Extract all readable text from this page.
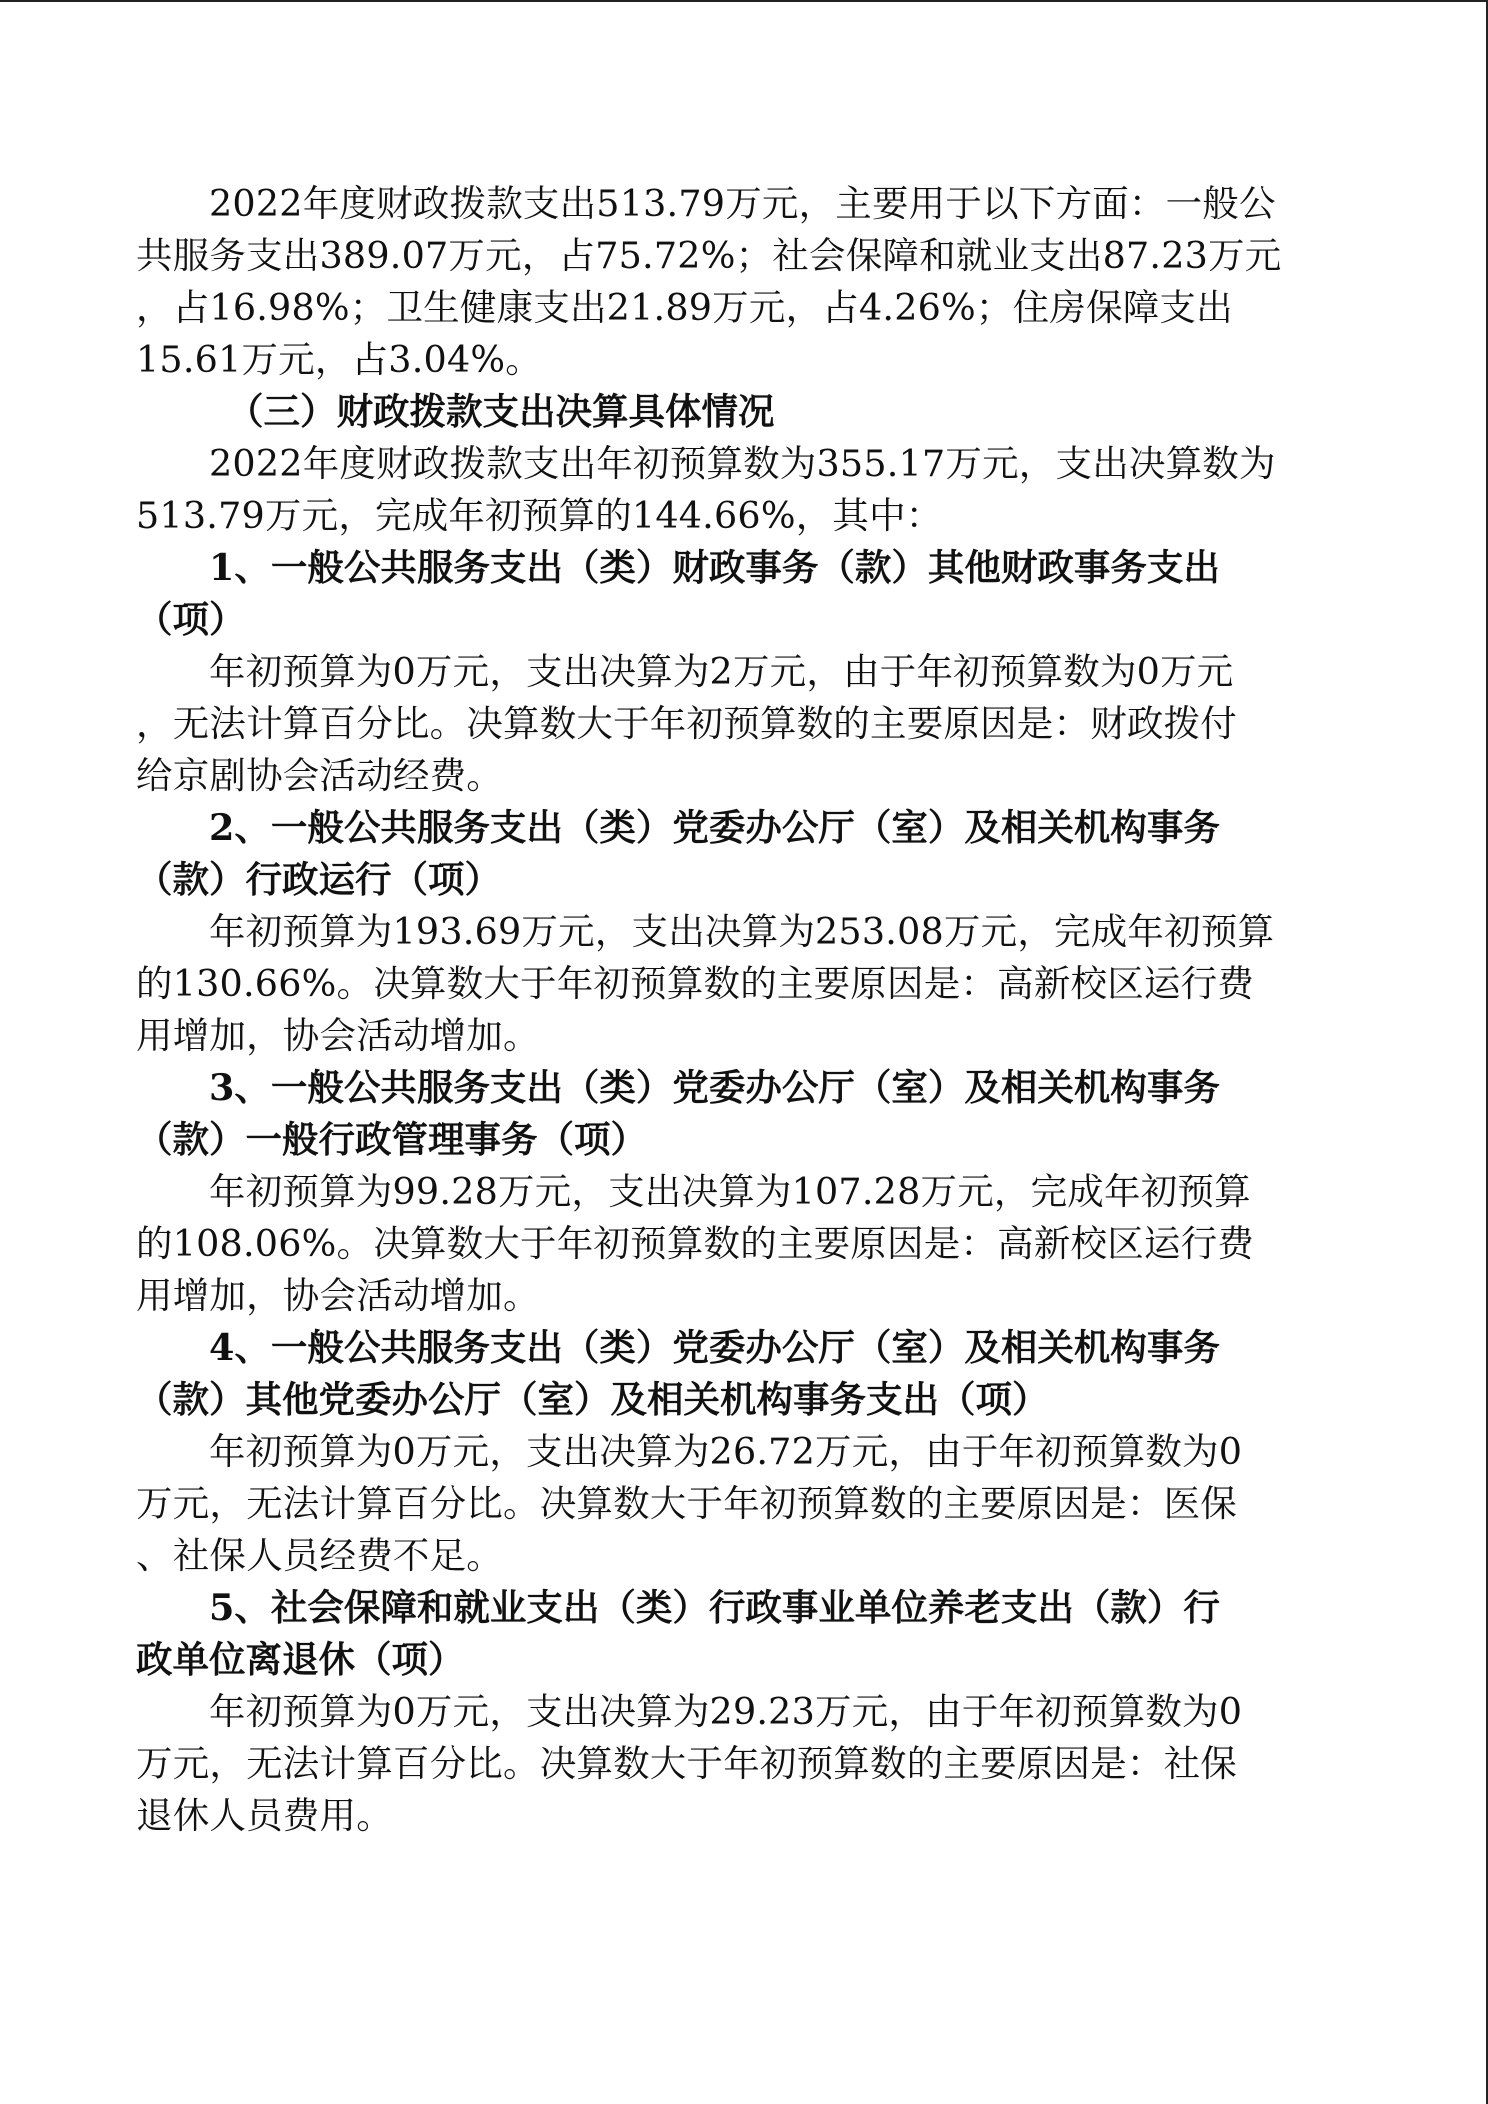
2022年度财政拨款支出513.79万元，主要用于以下方面：一般公
共服务支出389.07万元，占75.72%；社会保障和就业支出87.23万元
，占16.98%；卫生健康支出21.89万元，占4.26%；住房保障支出
15.61万元，占3.04%。

（三）财政拨款支出决算具体情况

2022年度财政拨款支出年初预算数为355.17万元，支出决算数为
513.79万元，完成年初预算的144.66%，其中：

1、一般公共服务支出（类）财政事务（款）其他财政事务支出
（项）

年初预算为0万元，支出决算为2万元，由于年初预算数为0万元
，无法计算百分比。决算数大于年初预算数的主要原因是：财政拨付
给京剧协会活动经费。

2、一般公共服务支出（类）党委办公厅（室）及相关机构事务
（款）行政运行（项）

年初预算为193.69万元，支出决算为253.08万元，完成年初预算
的130.66%。决算数大于年初预算数的主要原因是：高新校区运行费
用增加，协会活动增加。

3、一般公共服务支出（类）党委办公厅（室）及相关机构事务
（款）一般行政管理事务（项）

年初预算为99.28万元，支出决算为107.28万元，完成年初预算
的108.06%。决算数大于年初预算数的主要原因是：高新校区运行费
用增加，协会活动增加。

4、一般公共服务支出（类）党委办公厅（室）及相关机构事务
（款）其他党委办公厅（室）及相关机构事务支出（项）

年初预算为0万元，支出决算为26.72万元，由于年初预算数为0
万元，无法计算百分比。决算数大于年初预算数的主要原因是：医保
、社保人员经费不足。

5、社会保障和就业支出（类）行政事业单位养老支出（款）行
政单位离退休（项）

年初预算为0万元，支出决算为29.23万元，由于年初预算数为0
万元，无法计算百分比。决算数大于年初预算数的主要原因是：社保
退休人员费用。
